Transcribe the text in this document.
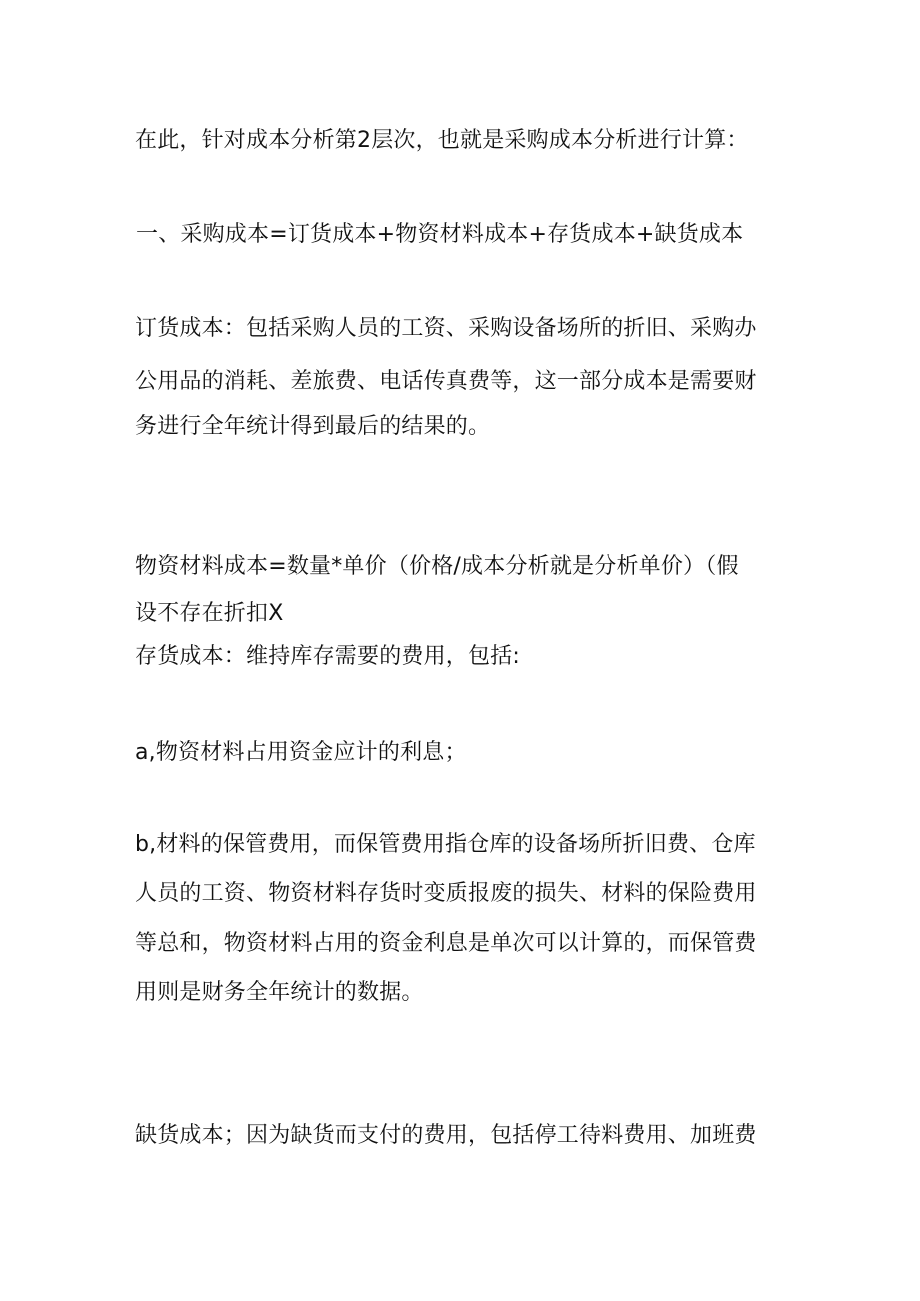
在此，针对成本分析第2层次，也就是采购成本分析进行计算：
一、采购成本=订货成本+物资材料成本+存货成本+缺货成本
订货成本：包括采购人员的工资、采购设备场所的折旧、采购办
公用品的消耗、差旅费、电话传真费等，这一部分成本是需要财
务进行全年统计得到最后的结果的。
物资材料成本=数量*单价（价格/成本分析就是分析单价）（假
设不存在折扣X
存货成本：维持库存需要的费用，包括:
a,物资材料占用资金应计的利息；
b,材料的保管费用，而保管费用指仓库的设备场所折旧费、仓库
人员的工资、物资材料存货时变质报废的损失、材料的保险费用
等总和，物资材料占用的资金利息是单次可以计算的，而保管费
用则是财务全年统计的数据。
缺货成本；因为缺货而支付的费用，包括停工待料费用、加班费
